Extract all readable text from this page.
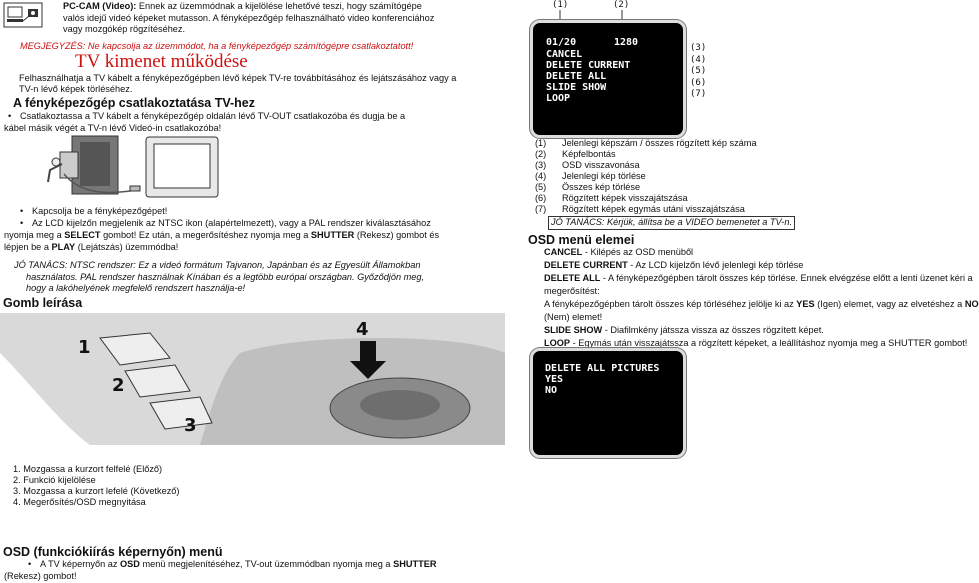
PC-CAM (Video): Ennek az üzemmódnak a kijelölése lehetővé teszi, hogy számítógépe
valós idejű videó képeket mutasson. A fényképezőgép felhasználható video konferenciához
vagy mozgókép rögzítéséhez.
MEGJEGYZÉS: Ne kapcsolja az üzemmódot, ha a fényképezőgép számítógépre csatlakoztatott!
TV kimenet működése
Felhasználhatja a TV kábelt a fényképezőgépben lévő képek TV-re továbbításához és lejátszásához vagy a
TV-n lévő képek törléséhez.
A fényképezőgép csatlakoztatása TV-hez
• Csatlakoztassa a TV kábelt a fényképezőgép oldalán lévő TV-OUT csatlakozóba és dugja be a
kábel másik végét a TV-n lévő Videó-in csatlakozóba!
• Kapcsolja be a fényképezőgépet!
• Az LCD kijelzőn megjelenik az NTSC ikon (alapértelmezett), vagy a PAL rendszer kiválasztásához
nyomja meg a SELECT gombot! Ez után, a megerősítéshez nyomja meg a SHUTTER (Rekesz) gombot és
lépjen be a PLAY (Lejátszás) üzemmódba!
JÓ TANÁCS: NTSC rendszer: Ez a videó formátum Tajvanon, Japánban és az Egyesült Államokban
használatos. PAL rendszer használnak Kínában és a legtöbb európai országban. Győződjön meg,
hogy a lakóhelyének megfelelő rendszert használja-e!
Gomb leírása
1
2
3
4
1. Mozgassa a kurzort felfelé (Előző)
2. Funkció kijelölése
3. Mozgassa a kurzort lefelé (Következő)
4. Megerősítés/OSD megnyitása
OSD (funkciókiírás képernyőn) menü
• A TV képernyőn az OSD menü megjelenítéséhez, TV-out üzemmódban nyomja meg a SHUTTER
(Rekesz) gombot!
(1)	(2)
01/20	1280
CANCEL
DELETE CURRENT
DELETE ALL
SLIDE SHOW
LOOP
(3)
(4)
(5)
(6)
(7)
(1) Jelenlegi képszám / összes rögzített kép száma
(2) Képfelbontás
(3) OSD visszavonása
(4) Jelenlegi kép törlése
(5) Összes kép törlése
(6) Rögzített képek visszajátszása
(7) Rögzített képek egymás utáni visszajátszása
JÓ TANÁCS: Kérjük, állítsa be a VIDEO bemenetet a TV-n.
OSD menü elemei
CANCEL - Kilépés az OSD menüből
DELETE CURRENT - Az LCD kijelzőn lévő jelenlegi kép törlése
DELETE ALL - A fényképezőgépben tárolt összes kép törlése. Ennek elvégzése előtt a lenti üzenet kéri a
megerősítést:
A fényképezőgépben tárolt összes kép törléséhez jelölje ki az YES (Igen) elemet, vagy az elvetéshez a NO
(Nem) elemet!
SLIDE SHOW - Diafilmkény játssza vissza az összes rögzített képet.
LOOP - Egymás után visszajátssza a rögzített képeket, a leállításhoz nyomja meg a SHUTTER gombot!
DELETE ALL PICTURES
YES
NO
